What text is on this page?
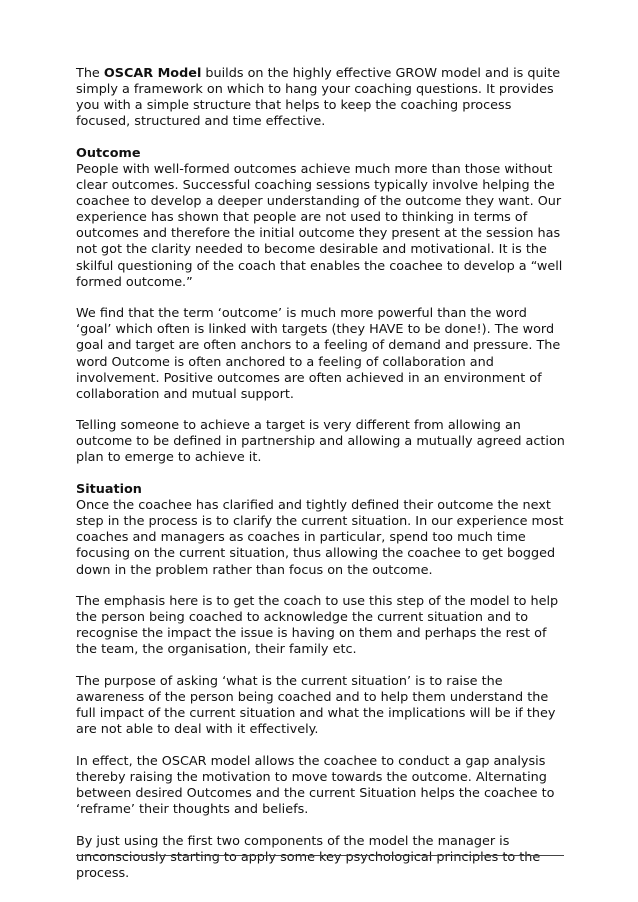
The OSCAR Model builds on the highly effective GROW model and is quite simply a framework on which to hang your coaching questions. It provides you with a simple structure that helps to keep the coaching process focused, structured and time effective.

Outcome
People with well-formed outcomes achieve much more than those without clear outcomes. Successful coaching sessions typically involve helping the coachee to develop a deeper understanding of the outcome they want. Our experience has shown that people are not used to thinking in terms of outcomes and therefore the initial outcome they present at the session has not got the clarity needed to become desirable and motivational. It is the skilful questioning of the coach that enables the coachee to develop a “well formed outcome.”

We find that the term ‘outcome’ is much more powerful than the word ‘goal’ which often is linked with targets (they HAVE to be done!). The word goal and target are often anchors to a feeling of demand and pressure. The word Outcome is often anchored to a feeling of collaboration and involvement. Positive outcomes are often achieved in an environment of collaboration and mutual support.

Telling someone to achieve a target is very different from allowing an outcome to be defined in partnership and allowing a mutually agreed action plan to emerge to achieve it.

Situation
Once the coachee has clarified and tightly defined their outcome the next step in the process is to clarify the current situation. In our experience most coaches and managers as coaches in particular, spend too much time focusing on the current situation, thus allowing the coachee to get bogged down in the problem rather than focus on the outcome.

The emphasis here is to get the coach to use this step of the model to help the person being coached to acknowledge the current situation and to recognise the impact the issue is having on them and perhaps the rest of the team, the organisation, their family etc.

The purpose of asking ‘what is the current situation’ is to raise the awareness of the person being coached and to help them understand the full impact of the current situation and what the implications will be if they are not able to deal with it effectively.

In effect, the OSCAR model allows the coachee to conduct a gap analysis thereby raising the motivation to move towards the outcome. Alternating between desired Outcomes and the current Situation helps the coachee to ‘reframe’ their thoughts and beliefs.

By just using the first two components of the model the manager is unconsciously starting to apply some key psychological principles to the process.
